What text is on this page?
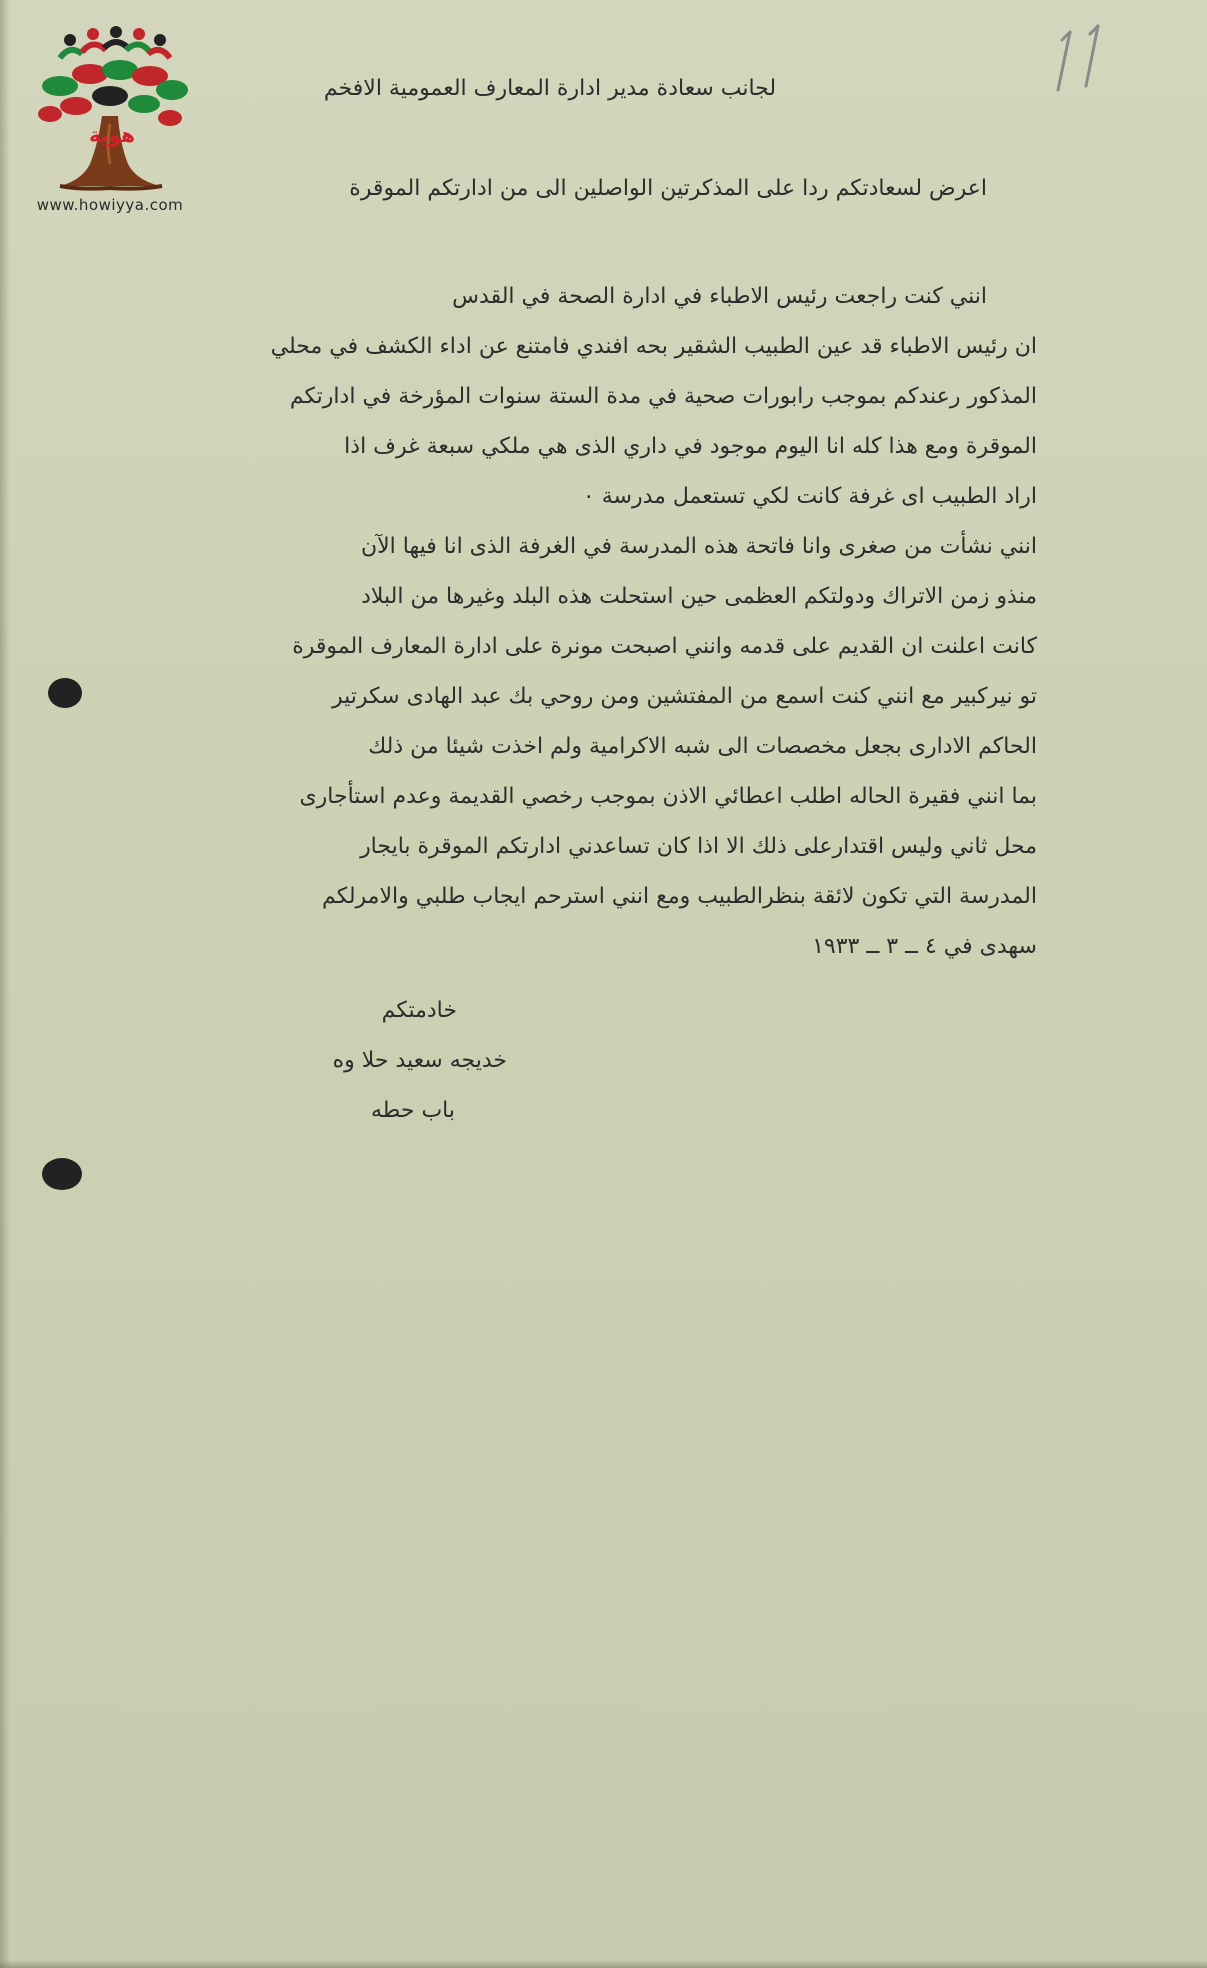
هوية
www.howiyya.com
11
لجانب سعادة مدير ادارة المعارف العمومية الافخم
اعرض لسعادتكم ردا على المذكرتين الواصلين الى من ادارتكم الموقرة
انني كنت راجعت رئيس الاطباء في ادارة الصحة في القدس
ان رئيس الاطباء قد عين الطبيب الشقير بحه افندي فامتنع عن اداء الكشف في محلي
المذكور رعندكم بموجب رابورات صحية في مدة الستة سنوات المؤرخة في ادارتكم
الموقرة ومع هذا كله انا اليوم موجود في داري الذى هي ملكي سبعة غرف اذا
اراد الطبيب اى غرفة كانت لكي تستعمل مدرسة ٠
انني نشأت من صغرى وانا فاتحة هذه المدرسة في الغرفة الذى انا فيها الآن
منذو زمن الاتراك ودولتكم العظمى حين استحلت هذه البلد وغيرها من البلاد
كانت اعلنت ان القديم على قدمه وانني اصبحت مونرة على ادارة المعارف الموقرة
تو نيركبير مع انني كنت اسمع من المفتشين ومن روحي بك عبد الهادى سكرتير
الحاكم الادارى بجعل مخصصات الى شبه الاكرامية ولم اخذت شيئا من ذلك
بما انني فقيرة الحاله اطلب اعطائي الاذن بموجب رخصي القديمة وعدم استأجارى
محل ثاني وليس اقتدارعلى ذلك الا اذا كان تساعدني ادارتكم الموقرة بايجار
المدرسة التي تكون لائقة بنظرالطبيب ومع انني استرحم ايجاب طلبي والامرلكم
سهدى في ٤ ــ ٣ ــ ١٩٣٣
خادمتكم
خديجه سعيد حلا وه
باب حطه
